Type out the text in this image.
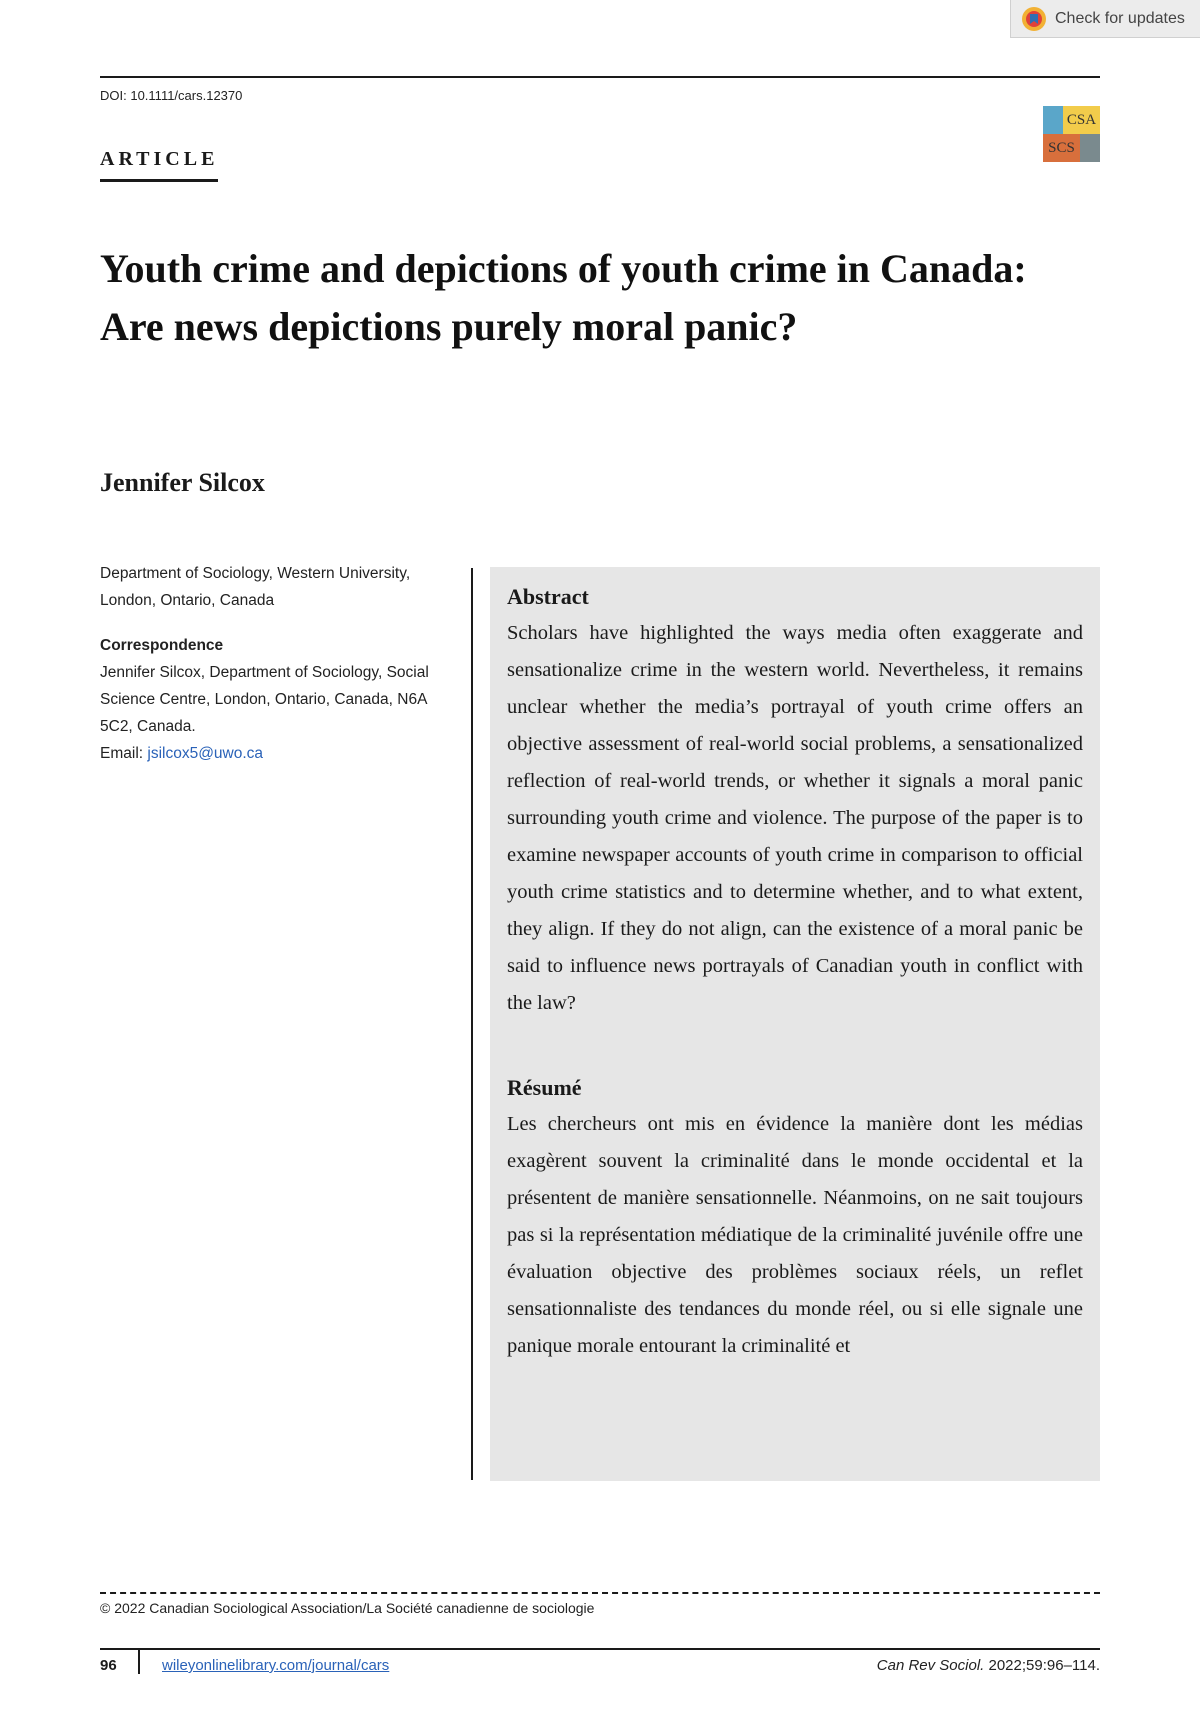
Check for updates
DOI: 10.1111/cars.12370
CSA
SCS
ARTICLE
Youth crime and depictions of youth crime in Canada: Are news depictions purely moral panic?
Jennifer Silcox
Department of Sociology, Western University, London, Ontario, Canada
Correspondence
Jennifer Silcox, Department of Sociology, Social Science Centre, London, Ontario, Canada, N6A 5C2, Canada.
Email: jsilcox5@uwo.ca
Abstract

Scholars have highlighted the ways media often exaggerate and sensationalize crime in the western world. Nevertheless, it remains unclear whether the media’s portrayal of youth crime offers an objective assessment of real-world social problems, a sensationalized reflection of real-world trends, or whether it signals a moral panic surrounding youth crime and violence. The purpose of the paper is to examine newspaper accounts of youth crime in comparison to official youth crime statistics and to determine whether, and to what extent, they align. If they do not align, can the existence of a moral panic be said to influence news portrayals of Canadian youth in conflict with the law?

Résumé

Les chercheurs ont mis en évidence la manière dont les médias exagèrent souvent la criminalité dans le monde occidental et la présentent de manière sensationnelle. Néanmoins, on ne sait toujours pas si la représentation médiatique de la criminalité juvénile offre une évaluation objective des problèmes sociaux réels, un reflet sensationnaliste des tendances du monde réel, ou si elle signale une panique morale entourant la criminalité et

© 2022 Canadian Sociological Association/La Société canadienne de sociologie
96	wileyonlinelibrary.com/journal/cars	Can Rev Sociol. 2022;59:96–114.
